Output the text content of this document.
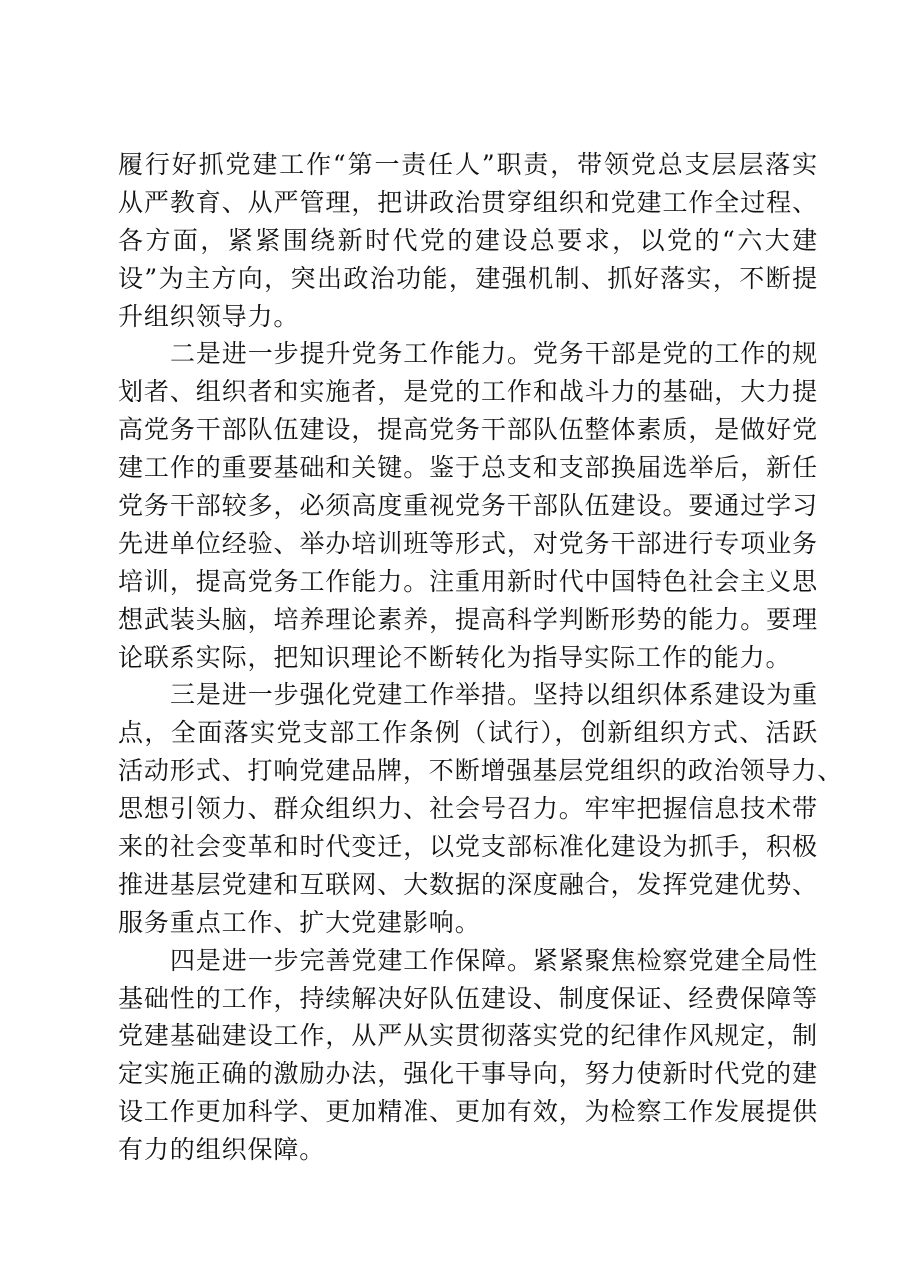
履行好抓党建工作“第一责任人”职责，带领党总支层层落实
从严教育、从严管理，把讲政治贯穿组织和党建工作全过程、
各方面，紧紧围绕新时代党的建设总要求，以党的“六大建
设”为主方向，突出政治功能，建强机制、抓好落实，不断提
升组织领导力。

二是进一步提升党务工作能力。党务干部是党的工作的规
划者、组织者和实施者，是党的工作和战斗力的基础，大力提
高党务干部队伍建设，提高党务干部队伍整体素质，是做好党
建工作的重要基础和关键。鉴于总支和支部换届选举后，新任
党务干部较多，必须高度重视党务干部队伍建设。要通过学习
先进单位经验、举办培训班等形式，对党务干部进行专项业务
培训，提高党务工作能力。注重用新时代中国特色社会主义思
想武装头脑，培养理论素养，提高科学判断形势的能力。要理
论联系实际，把知识理论不断转化为指导实际工作的能力。

三是进一步强化党建工作举措。坚持以组织体系建设为重
点，全面落实党支部工作条例（试行），创新组织方式、活跃
活动形式、打响党建品牌，不断增强基层党组织的政治领导力、
思想引领力、群众组织力、社会号召力。牢牢把握信息技术带
来的社会变革和时代变迁，以党支部标准化建设为抓手，积极
推进基层党建和互联网、大数据的深度融合，发挥党建优势、
服务重点工作、扩大党建影响。

四是进一步完善党建工作保障。紧紧聚焦检察党建全局性
基础性的工作，持续解决好队伍建设、制度保证、经费保障等
党建基础建设工作，从严从实贯彻落实党的纪律作风规定，制
定实施正确的激励办法，强化干事导向，努力使新时代党的建
设工作更加科学、更加精准、更加有效，为检察工作发展提供
有力的组织保障。
